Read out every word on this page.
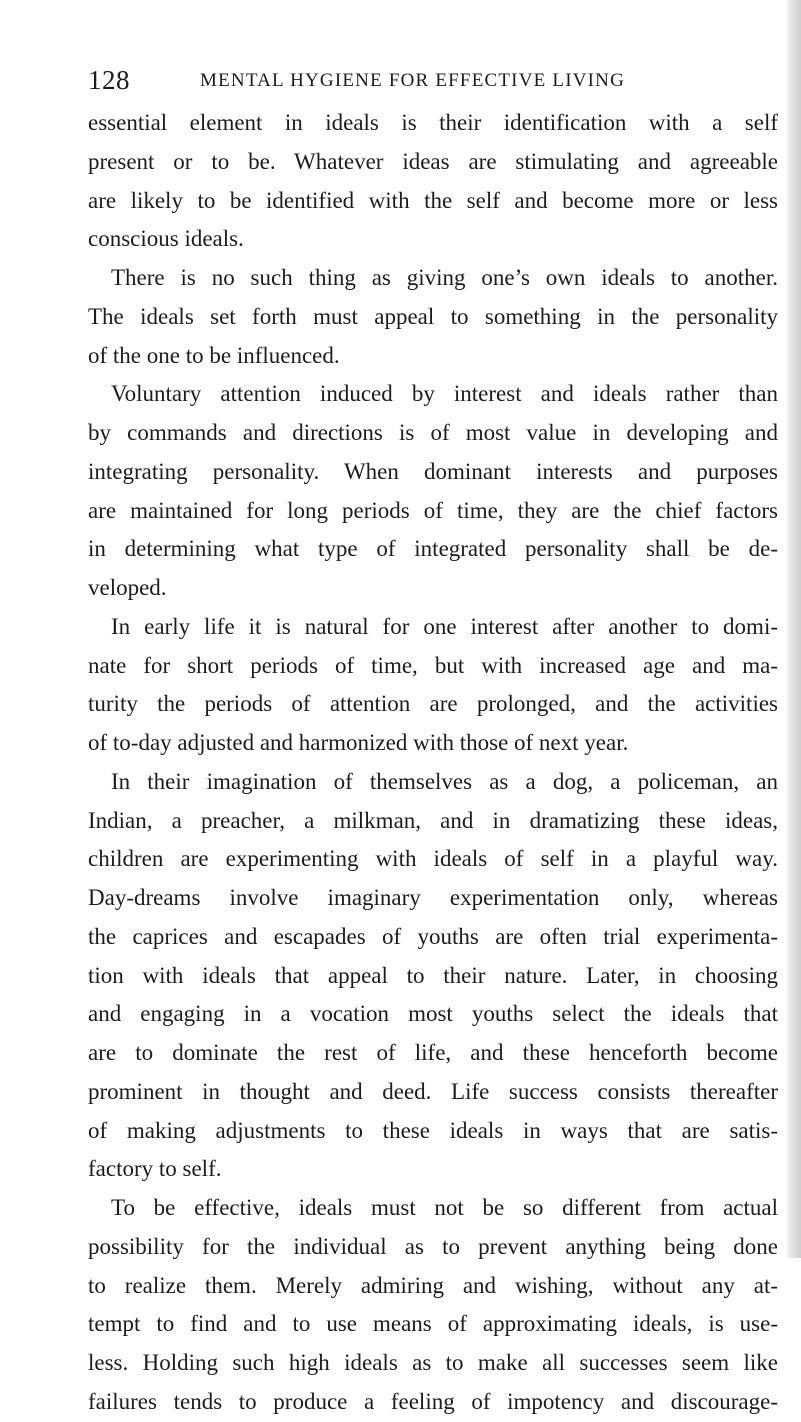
128	MENTAL HYGIENE FOR EFFECTIVE LIVING
essential element in ideals is their identification with a self
present or to be. Whatever ideas are stimulating and agreeable
are likely to be identified with the self and become more or less
conscious ideals.
There is no such thing as giving one’s own ideals to another.
The ideals set forth must appeal to something in the personality
of the one to be influenced.
Voluntary attention induced by interest and ideals rather than
by commands and directions is of most value in developing and
integrating personality. When dominant interests and purposes
are maintained for long periods of time, they are the chief factors
in determining what type of integrated personality shall be de-
veloped.
In early life it is natural for one interest after another to domi-
nate for short periods of time, but with increased age and ma-
turity the periods of attention are prolonged, and the activities
of to-day adjusted and harmonized with those of next year.
In their imagination of themselves as a dog, a policeman, an
Indian, a preacher, a milkman, and in dramatizing these ideas,
children are experimenting with ideals of self in a playful way.
Day-dreams involve imaginary experimentation only, whereas
the caprices and escapades of youths are often trial experimenta-
tion with ideals that appeal to their nature. Later, in choosing
and engaging in a vocation most youths select the ideals that
are to dominate the rest of life, and these henceforth become
prominent in thought and deed. Life success consists thereafter
of making adjustments to these ideals in ways that are satis-
factory to self.
To be effective, ideals must not be so different from actual
possibility for the individual as to prevent anything being done
to realize them. Merely admiring and wishing, without any at-
tempt to find and to use means of approximating ideals, is use-
less. Holding such high ideals as to make all successes seem like
failures tends to produce a feeling of impotency and discourage-
